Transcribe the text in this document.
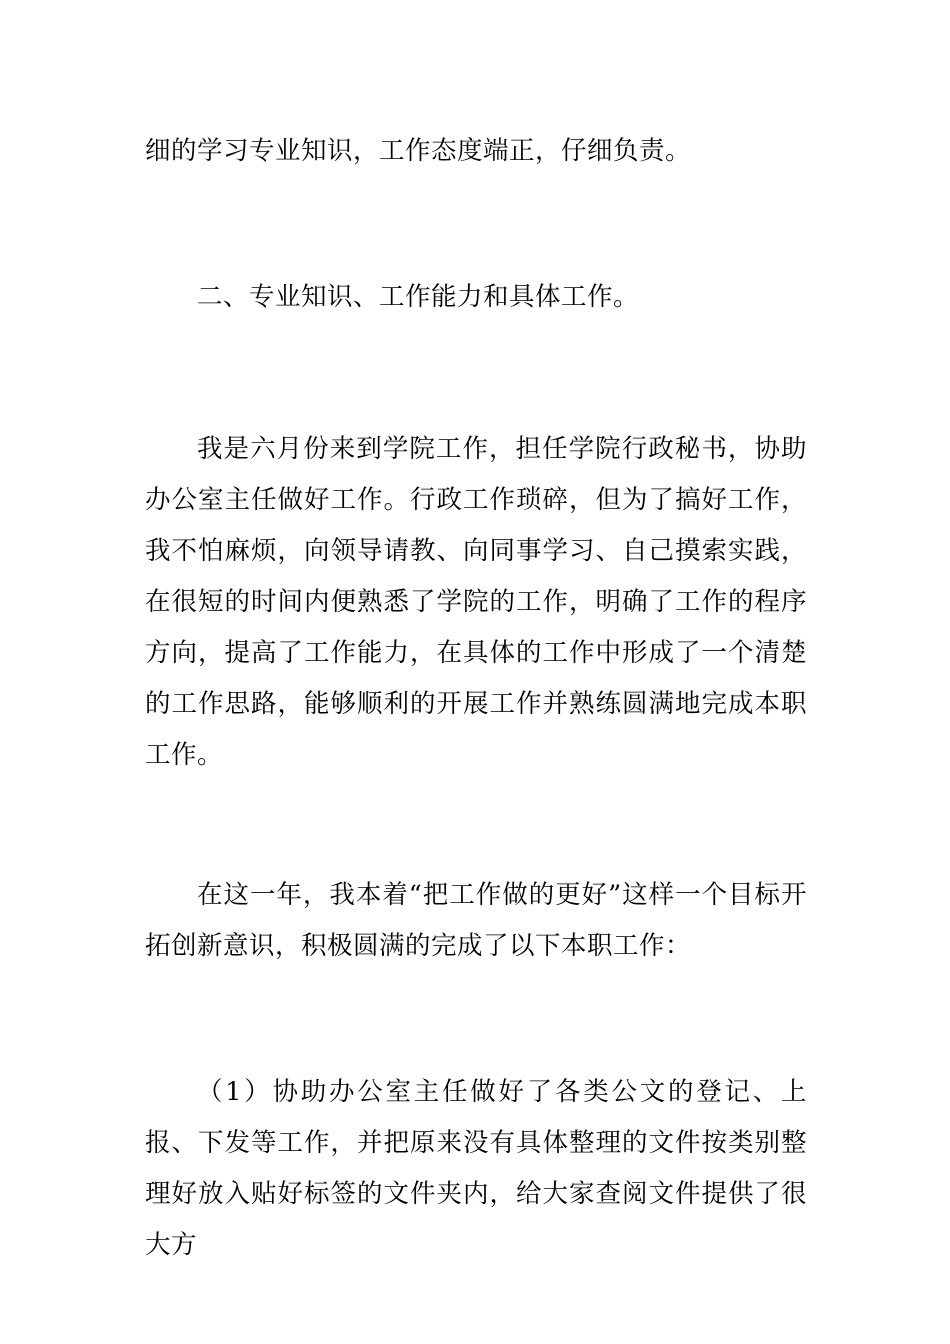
细的学习专业知识，工作态度端正，仔细负责。

二、专业知识、工作能力和具体工作。

我是六月份来到学院工作，担任学院行政秘书，协助办公室主任做好工作。行政工作琐碎，但为了搞好工作，我不怕麻烦，向领导请教、向同事学习、自己摸索实践，在很短的时间内便熟悉了学院的工作，明确了工作的程序方向，提高了工作能力，在具体的工作中形成了一个清楚的工作思路，能够顺利的开展工作并熟练圆满地完成本职工作。

在这一年，我本着“把工作做的更好”这样一个目标开拓创新意识，积极圆满的完成了以下本职工作：

（1）协助办公室主任做好了各类公文的登记、上报、下发等工作，并把原来没有具体整理的文件按类别整理好放入贴好标签的文件夹内，给大家查阅文件提供了很大方
